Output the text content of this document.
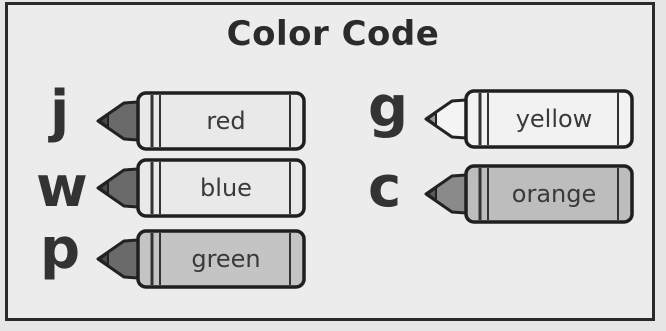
Color Code
j	red
w	blue
p	green
g	yellow
c	orange
